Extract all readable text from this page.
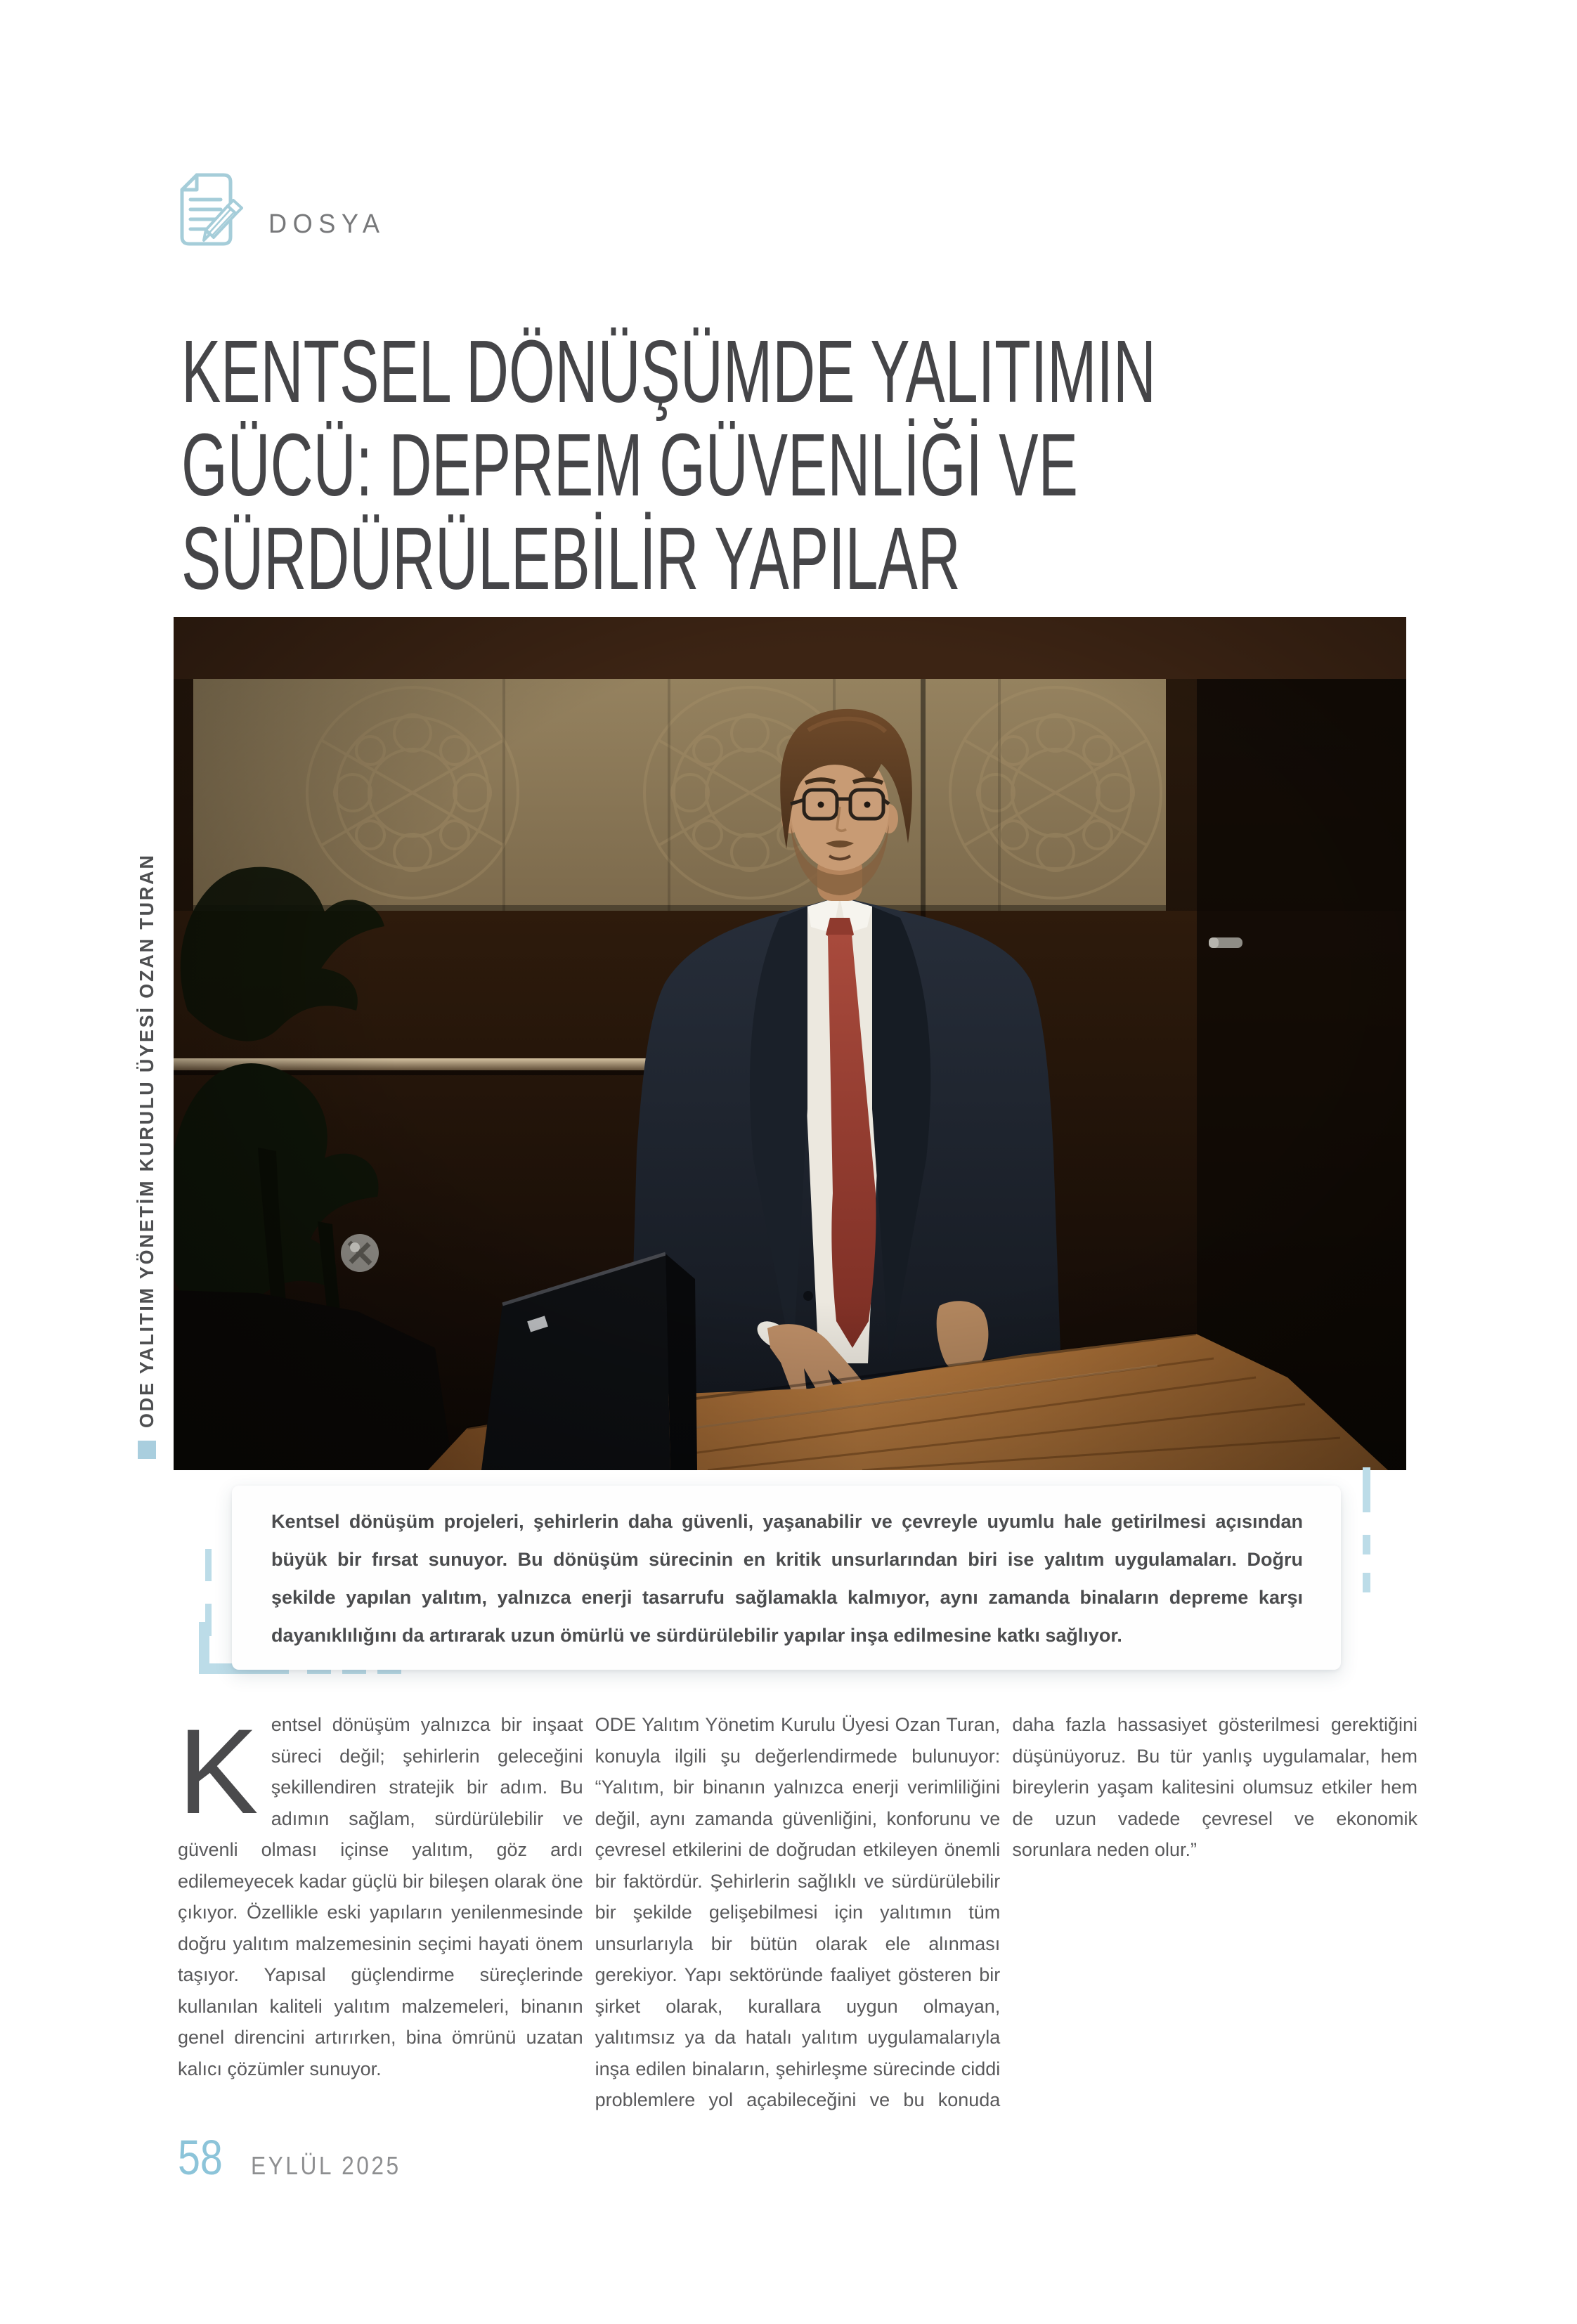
DOSYA
KENTSEL DÖNÜŞÜMDE YALITIMIN
GÜCÜ: DEPREM GÜVENLİĞİ VE
SÜRDÜRÜLEBİLİR YAPILAR
ODE YALITIM YÖNETİM KURULU ÜYESİ OZAN TURAN

Kentsel dönüşüm projeleri, şehirlerin daha güvenli, yaşanabilir ve çevreyle uyumlu hale getirilmesi açısından büyük bir fırsat sunuyor. Bu dönüşüm sürecinin en kritik unsurlarından biri ise yalıtım uygulamaları. Doğru şekilde yapılan yalıtım, yalnızca enerji tasarrufu sağlamakla kalmıyor, aynı zamanda binaların depreme karşı dayanıklılığını da artırarak uzun ömürlü ve sürdürülebilir yapılar inşa edilmesine katkı sağlıyor.

Kentsel dönüşüm yalnızca bir inşaat süreci değil; şehirlerin geleceğini şekillendiren stratejik bir adım. Bu adımın sağlam, sürdürülebilir ve güvenli olması içinse yalıtım, göz ardı edilemeyecek kadar güçlü bir bileşen olarak öne çıkıyor. Özellikle eski yapıların yenilenmesinde doğru yalıtım malzemesinin seçimi hayati önem taşıyor. Yapısal güçlendirme süreçlerinde kullanılan kaliteli yalıtım malzemeleri, binanın genel direncini artırırken, bina ömrünü uzatan kalıcı çözümler sunuyor.

ODE Yalıtım Yönetim Kurulu Üyesi Ozan Turan, konuyla ilgili şu değerlendirmede bulunuyor: “Yalıtım, bir binanın yalnızca enerji verimliliğini değil, aynı zamanda güvenliğini, konforunu ve çevresel etkilerini de doğrudan etkileyen önemli bir faktördür. Şehirlerin sağlıklı ve sürdürülebilir bir şekilde gelişebilmesi için yalıtımın tüm unsurlarıyla bir bütün olarak ele alınması gerekiyor. Yapı sektöründe faaliyet gösteren bir şirket olarak, kurallara uygun olmayan, yalıtımsız ya da hatalı yalıtım uygulamalarıyla inşa edilen binaların, şehirleşme sürecinde ciddi problemlere yol açabileceğini ve bu konuda daha fazla hassasiyet gösterilmesi gerektiğini düşünüyoruz. Bu tür yanlış uygulamalar, hem bireylerin yaşam kalitesini olumsuz etkiler hem de uzun vadede çevresel ve ekonomik sorunlara neden olur.”

58 EYLÜL 2025
